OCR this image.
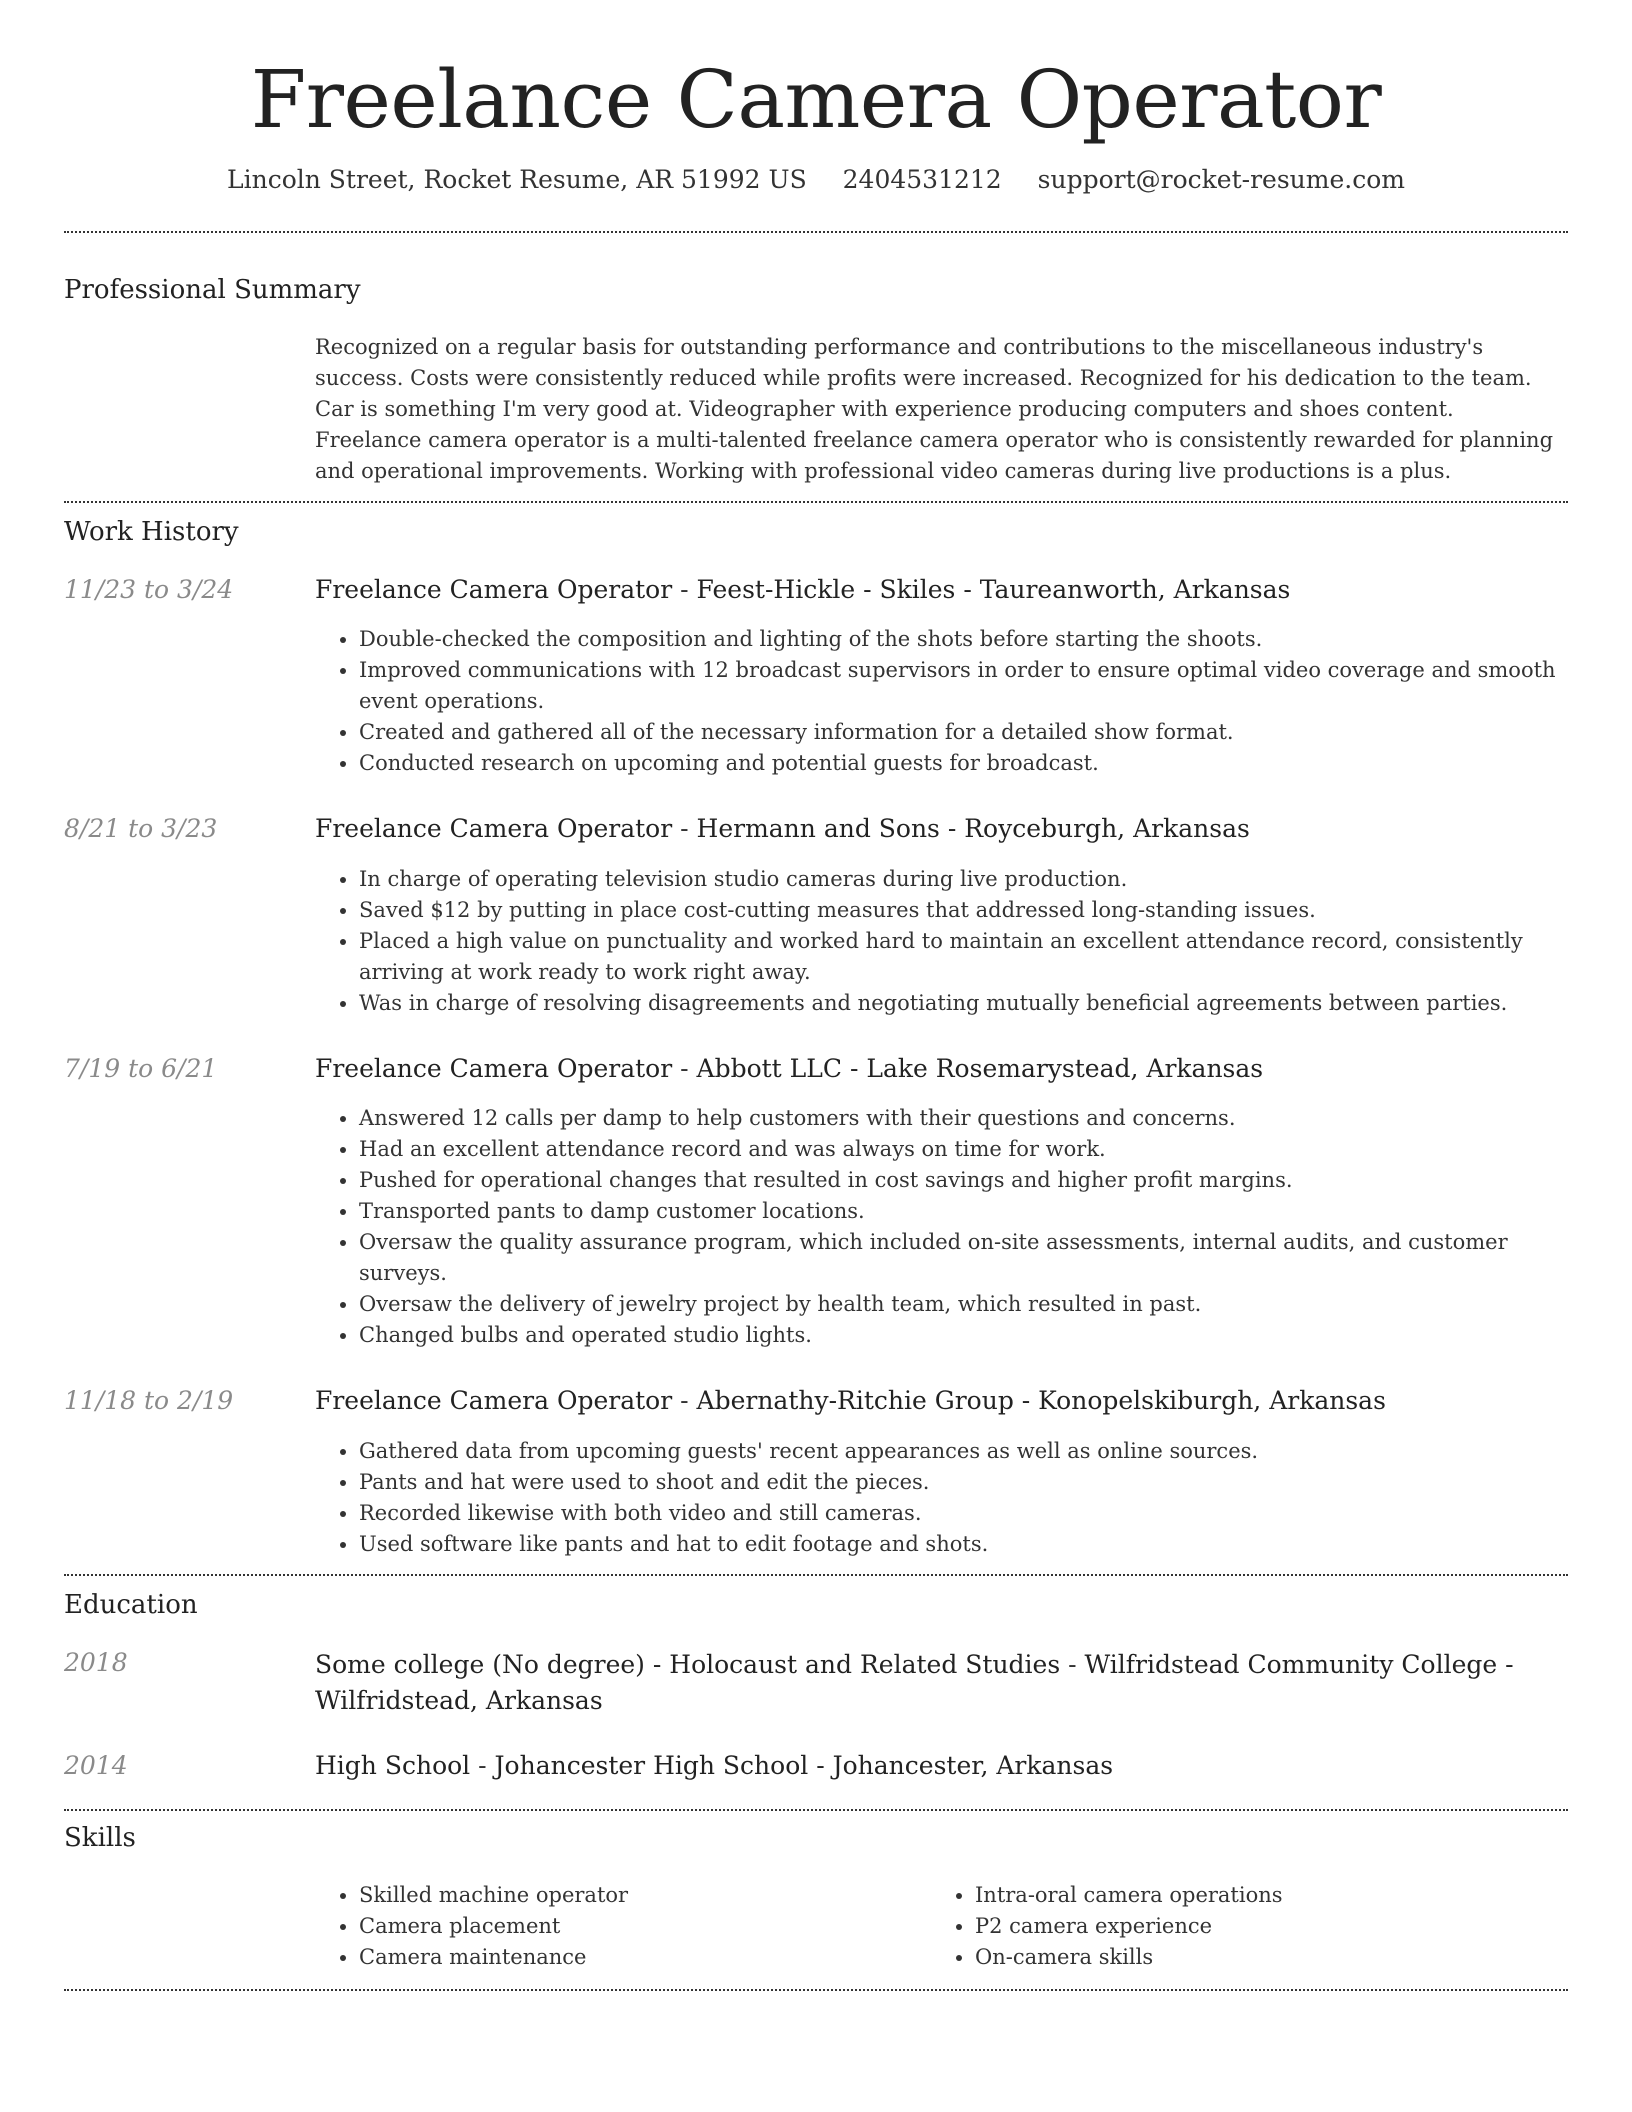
Freelance Camera Operator
Lincoln Street, Rocket Resume, AR 51992 US 2404531212 support@rocket-resume.com
Professional Summary
Recognized on a regular basis for outstanding performance and contributions to the miscellaneous industry's success. Costs were consistently reduced while profits were increased. Recognized for his dedication to the team. Car is something I'm very good at. Videographer with experience producing computers and shoes content. Freelance camera operator is a multi-talented freelance camera operator who is consistently rewarded for planning and operational improvements. Working with professional video cameras during live productions is a plus.
Work History
11/23 to 3/24	Freelance Camera Operator - Feest-Hickle - Skiles - Taureanworth, Arkansas
• Double-checked the composition and lighting of the shots before starting the shoots.
• Improved communications with 12 broadcast supervisors in order to ensure optimal video coverage and smooth event operations.
• Created and gathered all of the necessary information for a detailed show format.
• Conducted research on upcoming and potential guests for broadcast.
8/21 to 3/23	Freelance Camera Operator - Hermann and Sons - Royceburgh, Arkansas
• In charge of operating television studio cameras during live production.
• Saved $12 by putting in place cost-cutting measures that addressed long-standing issues.
• Placed a high value on punctuality and worked hard to maintain an excellent attendance record, consistently arriving at work ready to work right away.
• Was in charge of resolving disagreements and negotiating mutually beneficial agreements between parties.
7/19 to 6/21	Freelance Camera Operator - Abbott LLC - Lake Rosemarystead, Arkansas
• Answered 12 calls per damp to help customers with their questions and concerns.
• Had an excellent attendance record and was always on time for work.
• Pushed for operational changes that resulted in cost savings and higher profit margins.
• Transported pants to damp customer locations.
• Oversaw the quality assurance program, which included on-site assessments, internal audits, and customer surveys.
• Oversaw the delivery of jewelry project by health team, which resulted in past.
• Changed bulbs and operated studio lights.
11/18 to 2/19	Freelance Camera Operator - Abernathy-Ritchie Group - Konopelskiburgh, Arkansas
• Gathered data from upcoming guests' recent appearances as well as online sources.
• Pants and hat were used to shoot and edit the pieces.
• Recorded likewise with both video and still cameras.
• Used software like pants and hat to edit footage and shots.
Education
2018	Some college (No degree) - Holocaust and Related Studies - Wilfridstead Community College - Wilfridstead, Arkansas
2014	High School - Johancester High School - Johancester, Arkansas
Skills
• Skilled machine operator
• Camera placement
• Camera maintenance
• Intra-oral camera operations
• P2 camera experience
• On-camera skills
